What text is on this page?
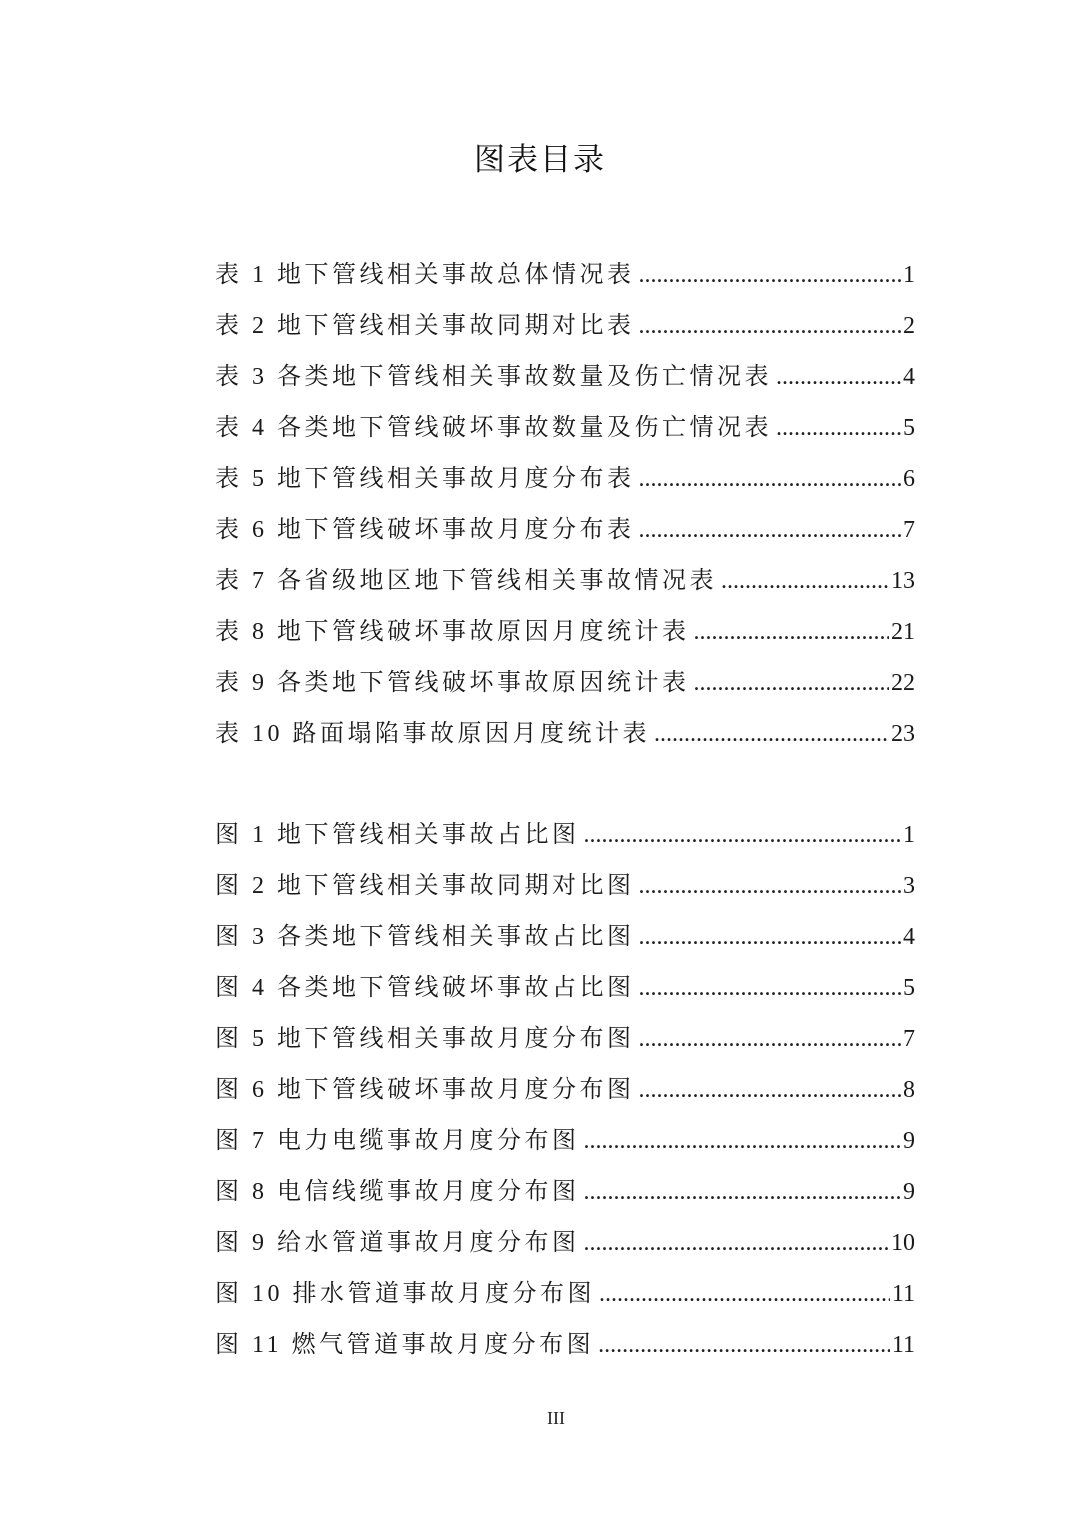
图表目录
表 1 地下管线相关事故总体情况表 .....	1
表 2 地下管线相关事故同期对比表 .....	2
表 3 各类地下管线相关事故数量及伤亡情况表 .....	4
表 4 各类地下管线破坏事故数量及伤亡情况表 .....	5
表 5 地下管线相关事故月度分布表 .....	6
表 6 地下管线破坏事故月度分布表 .....	7
表 7 各省级地区地下管线相关事故情况表 .....	13
表 8 地下管线破坏事故原因月度统计表 .....	21
表 9 各类地下管线破坏事故原因统计表 .....	22
表 10 路面塌陷事故原因月度统计表 .....	23
图 1 地下管线相关事故占比图 .....	1
图 2 地下管线相关事故同期对比图 .....	3
图 3 各类地下管线相关事故占比图 .....	4
图 4 各类地下管线破坏事故占比图 .....	5
图 5 地下管线相关事故月度分布图 .....	7
图 6 地下管线破坏事故月度分布图 .....	8
图 7 电力电缆事故月度分布图 .....	9
图 8 电信线缆事故月度分布图 .....	9
图 9 给水管道事故月度分布图 .....	10
图 10 排水管道事故月度分布图 .....	11
图 11 燃气管道事故月度分布图 .....	11
III
